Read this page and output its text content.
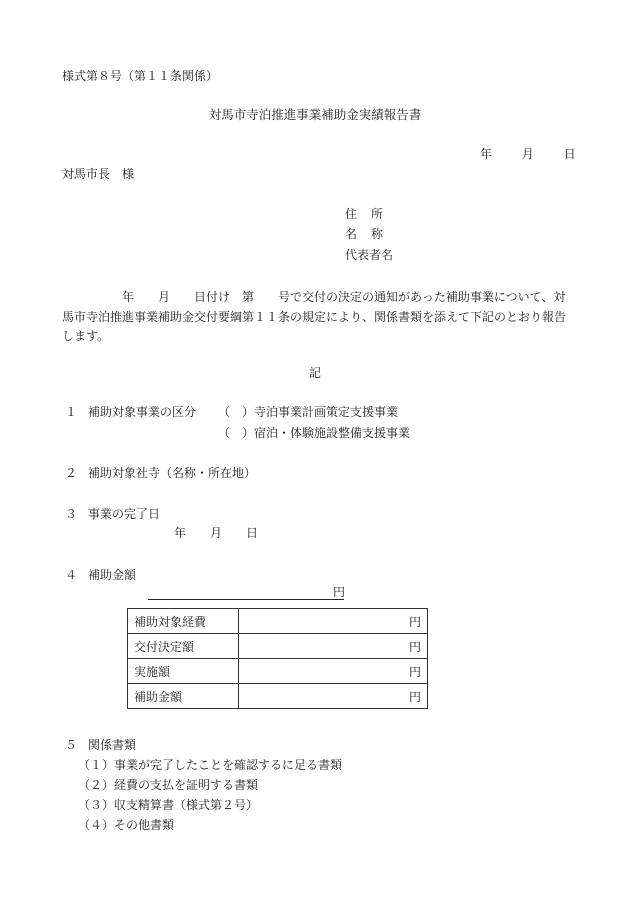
様式第８号（第１１条関係）
対馬市寺泊推進事業補助金実績報告書
年 月 日
対馬市長　様
住所
名称
代表者名
年　　月　　日付け　第　　号で交付の決定の通知があった補助事業について、対馬市寺泊推進事業補助金交付要綱第１１条の規定により、関係書類を添えて下記のとおり報告します。
記
１ 補助対象事業の区分 （　）寺泊事業計画策定支援事業
（　）宿泊・体験施設整備支援事業
２ 補助対象社寺（名称・所在地）
３ 事業の完了日
年　　月　　日
４ 補助金額
円
補助対象経費	円
交付決定額	円
実施額	円
補助金額	円
５ 関係書類
（１）事業が完了したことを確認するに足る書類
（２）経費の支払を証明する書類
（３）収支精算書（様式第２号）
（４）その他書類
